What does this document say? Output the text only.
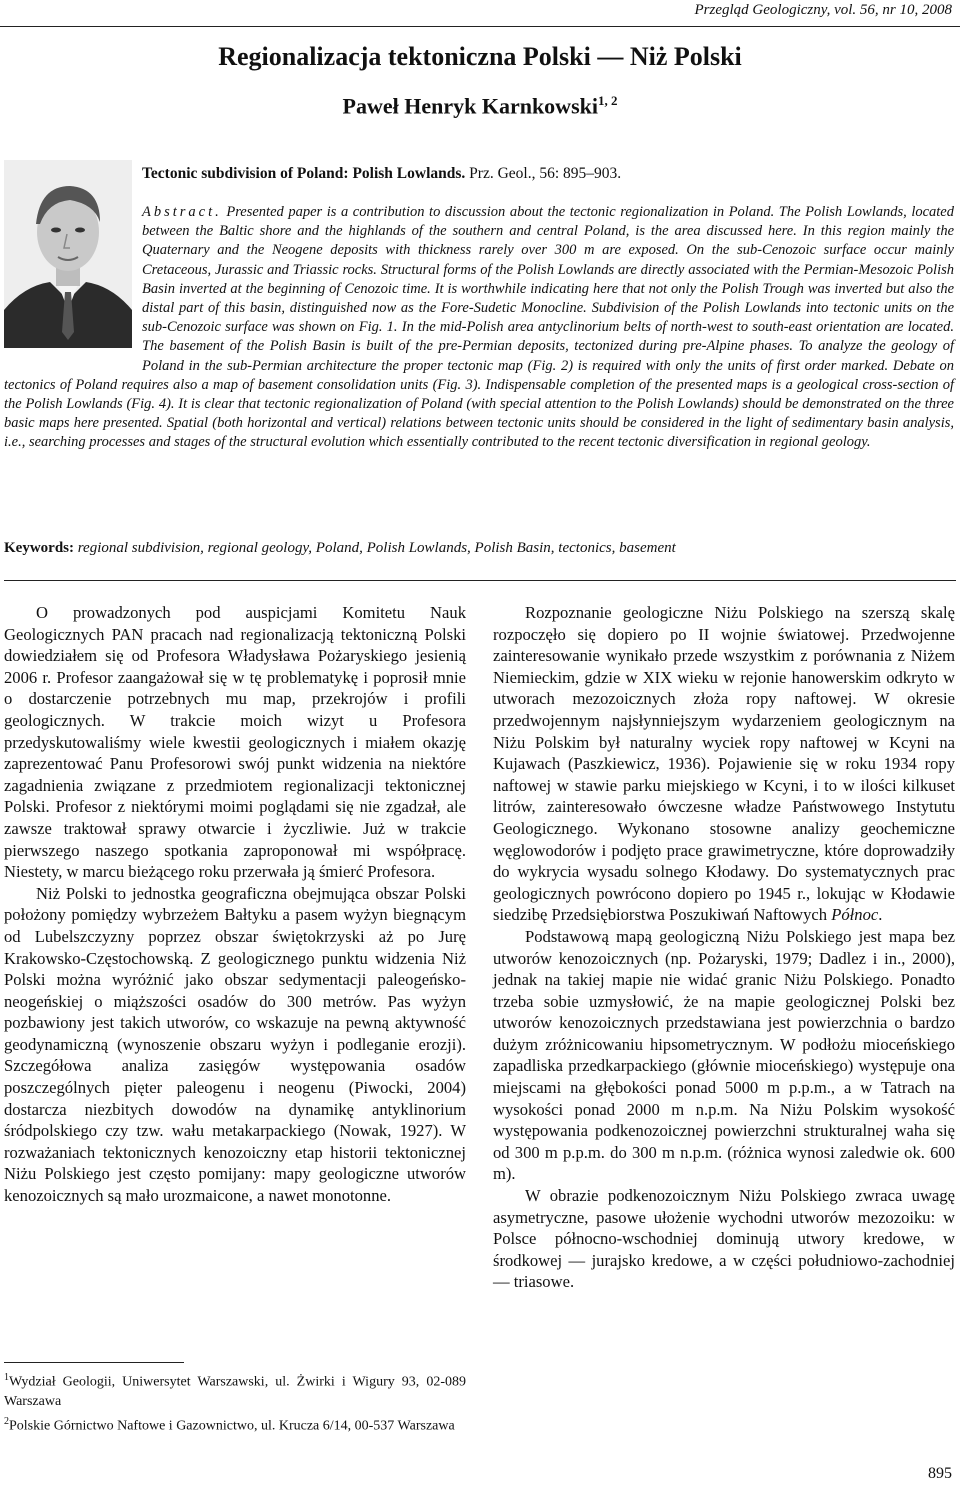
Przegląd Geologiczny, vol. 56, nr 10, 2008
Regionalizacja tektoniczna Polski — Niż Polski
Paweł Henryk Karnkowski$^{1, 2}$
Tectonic subdivision of Poland: Polish Lowlands. Prz. Geol., 56: 895–903.

Abstract. Presented paper is a contribution to discussion about the tectonic regionalization in Poland. The Polish Lowlands, located between the Baltic shore and the highlands of the southern and central Poland, is the area discussed here. In this region mainly the Quaternary and the Neogene deposits with thickness rarely over 300 m are exposed. On the sub-Cenozoic surface occur mainly Cretaceous, Jurassic and Triassic rocks. Structural forms of the Polish Lowlands are directly associated with the Permian-Mesozoic Polish Basin inverted at the beginning of Cenozoic time. It is worthwhile indicating here that not only the Polish Trough was inverted but also the distal part of this basin, distinguished now as the Fore-Sudetic Monocline. Subdivision of the Polish Lowlands into tectonic units on the sub-Cenozoic surface was shown on Fig. 1. In the mid-Polish area antyclinorium belts of north-west to south-east orientation are located. The basement of the Polish Basin is built of the pre-Permian deposits, tectonized during pre-Alpine phases. To analyze the geology of Poland in the sub-Permian architecture the proper tectonic map (Fig. 2) is required with only the units of first order marked. Debate on tectonics of Poland requires also a map of basement consolidation units (Fig. 3). Indispensable completion of the presented maps is a geological cross-section of the Polish Lowlands (Fig. 4). It is clear that tectonic regionalization of Poland (with special attention to the Polish Lowlands) should be demonstrated on the three basic maps here presented. Spatial (both horizontal and vertical) relations between tectonic units should be considered in the light of sedimentary basin analysis, i.e., searching processes and stages of the structural evolution which essentially contributed to the recent tectonic diversification in regional geology.

Keywords: regional subdivision, regional geology, Poland, Polish Lowlands, Polish Basin, tectonics, basement

O prowadzonych pod auspicjami Komitetu Nauk Geologicznych PAN pracach nad regionalizacją tektoniczną Polski dowiedziałem się od Profesora Władysława Pożaryskiego jesienią 2006 r. Profesor zaangażował się w tę problematykę i poprosił mnie o dostarczenie potrzebnych mu map, przekrojów i profili geologicznych. W trakcie moich wizyt u Profesora przedyskutowaliśmy wiele kwestii geologicznych i miałem okazję zaprezentować Panu Profesorowi swój punkt widzenia na niektóre zagadnienia związane z przedmiotem regionalizacji tektonicznej Polski. Profesor z niektórymi moimi poglądami się nie zgadzał, ale zawsze traktował sprawy otwarcie i życzliwie. Już w trakcie pierwszego naszego spotkania zaproponował mi współpracę. Niestety, w marcu bieżącego roku przerwała ją śmierć Profesora.

Niż Polski to jednostka geograficzna obejmująca obszar Polski położony pomiędzy wybrzeżem Bałtyku a pasem wyżyn biegnącym od Lubelszczyzny poprzez obszar świętokrzyski aż po Jurę Krakowsko-Częstochowską. Z geologicznego punktu widzenia Niż Polski można wyróżnić jako obszar sedymentacji paleogeńsko-neogeńskiej o miąższości osadów do 300 metrów. Pas wyżyn pozbawiony jest takich utworów, co wskazuje na pewną aktywność geodynamiczną (wynoszenie obszaru wyżyn i podleganie erozji). Szczegółowa analiza zasięgów występowania osadów poszczególnych pięter paleogenu i neogenu (Piwocki, 2004) dostarcza niezbitych dowodów na dynamikę antyklinorium śródpolskiego czy tzw. wału metakarpackiego (Nowak, 1927). W rozważaniach tektonicznych kenozoiczny etap historii tektonicznej Niżu Polskiego jest często pomijany: mapy geologiczne utworów kenozoicznych są mało urozmaicone, a nawet monotonne.

Rozpoznanie geologiczne Niżu Polskiego na szerszą skalę rozpoczęło się dopiero po II wojnie światowej. Przedwojenne zainteresowanie wynikało przede wszystkim z porównania z Niżem Niemieckim, gdzie w XIX wieku w rejonie hanowerskim odkryto w utworach mezozoicznych złoża ropy naftowej. W okresie przedwojennym najsłynniejszym wydarzeniem geologicznym na Niżu Polskim był naturalny wyciek ropy naftowej w Kcyni na Kujawach (Paszkiewicz, 1936). Pojawienie się w roku 1934 ropy naftowej w stawie parku miejskiego w Kcyni, i to w ilości kilkuset litrów, zainteresowało ówczesne władze Państwowego Instytutu Geologicznego. Wykonano stosowne analizy geochemiczne węglowodorów i podjęto prace grawimetryczne, które doprowadziły do wykrycia wysadu solnego Kłodawy. Do systematycznych prac geologicznych powrócono dopiero po 1945 r., lokując w Kłodawie siedzibę Przedsiębiorstwa Poszukiwań Naftowych Północ.

Podstawową mapą geologiczną Niżu Polskiego jest mapa bez utworów kenozoicznych (np. Pożaryski, 1979; Dadlez i in., 2000), jednak na takiej mapie nie widać granic Niżu Polskiego. Ponadto trzeba sobie uzmysłowić, że na mapie geologicznej Polski bez utworów kenozoicznych przedstawiana jest powierzchnia o bardzo dużym zróżnicowaniu hipsometrycznym. W podłożu mioceńskiego zapadliska przedkarpackiego (głównie mioceńskiego) występuje ona miejscami na głębokości ponad 5000 m p.p.m., a w Tatrach na wysokości ponad 2000 m n.p.m. Na Niżu Polskim wysokość występowania podkenozoicznej powierzchni strukturalnej waha się od 300 m p.p.m. do 300 m n.p.m. (różnica wynosi zaledwie ok. 600 m).

W obrazie podkenozoicznym Niżu Polskiego zwraca uwagę asymetryczne, pasowe ułożenie wychodni utworów mezozoiku: w Polsce północno-wschodniej dominują utwory kredowe, w środkowej — jurajsko kredowe, a w części południowo-zachodniej — triasowe.

$^1$Wydział Geologii, Uniwersytet Warszawski, ul. Żwirki i Wigury 93, 02-089 Warszawa

$^2$Polskie Górnictwo Naftowe i Gazownictwo, ul. Krucza 6/14, 00-537 Warszawa

895
